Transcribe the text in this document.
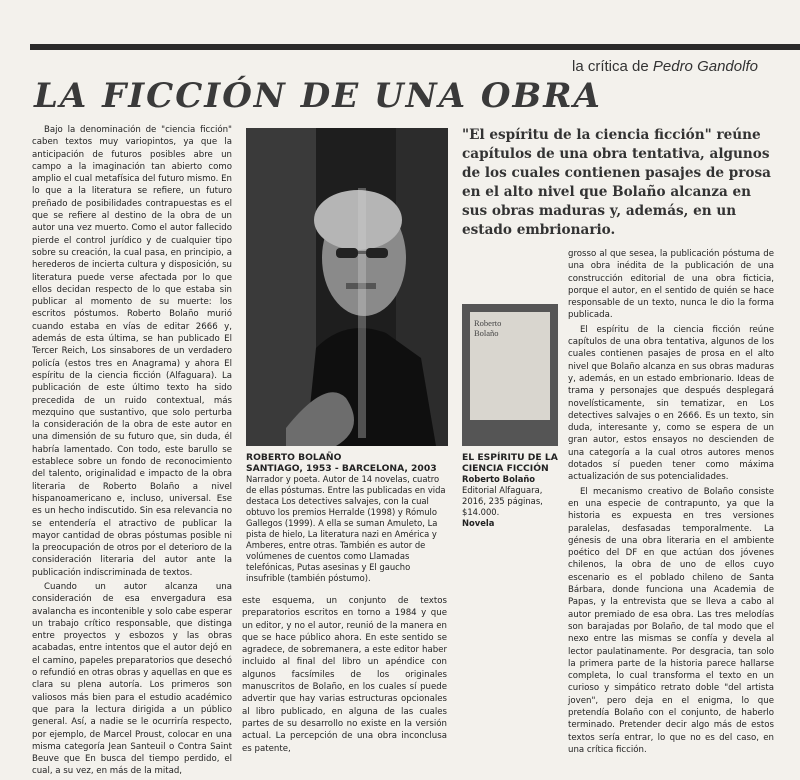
la crítica de Pedro Gandolfo
LA FICCIÓN DE UNA OBRA

Bajo la denominación de "ciencia ficción" caben textos muy variopintos, ya que la anticipación de futuros posibles abre un campo a la imaginación tan abierto como amplio el cual metafísica del futuro mismo. En lo que a la literatura se refiere, un futuro preñado de posibilidades contrapuestas es el que se refiere al destino de la obra de un autor una vez muerto. Como el autor fallecido pierde el control jurídico y de cualquier tipo sobre su creación, la cual pasa, en principio, a herederos de incierta cultura y disposición, su literatura puede verse afectada por lo que ellos decidan respecto de lo que estaba sin publicar al momento de su muerte: los escritos póstumos. Roberto Bolaño murió cuando estaba en vías de editar 2666 y, además de esta última, se han publicado El Tercer Reich, Los sinsabores de un verdadero policía (estos tres en Anagrama) y ahora El espíritu de la ciencia ficción (Alfaguara). La publicación de este último texto ha sido precedida de un ruido contextual, más mezquino que sustantivo, que solo perturba la consideración de la obra de este autor en una dimensión de su futuro que, sin duda, él habría lamentado. Con todo, este barullo se establece sobre un fondo de reconocimiento del talento, originalidad e impacto de la obra literaria de Roberto Bolaño a nivel hispanoamericano e, incluso, universal. Ese es un hecho indiscutido. Sin esa relevancia no se entendería el atractivo de publicar la mayor cantidad de obras póstumas posible ni la preocupación de otros por el deterioro de la consideración literaria del autor ante la publicación indiscriminada de textos.

Cuando un autor alcanza una consideración de esa envergadura esa avalancha es incontenible y solo cabe esperar un trabajo crítico responsable, que distinga entre proyectos y esbozos y las obras acabadas, entre intentos que el autor dejó en el camino, papeles preparatorios que desechó o refundió en otras obras y aquellas en que es clara su plena autoría. Los primeros son valiosos más bien para el estudio académico que para la lectura dirigida a un público general. Así, a nadie se le ocurriría respecto, por ejemplo, de Marcel Proust, colocar en una misma categoría Jean Santeuil o Contra Saint Beuve que En busca del tiempo perdido, el cual, a su vez, en más de la mitad,

ROBERTO BOLAÑO
SANTIAGO, 1953 - BARCELONA, 2003
Narrador y poeta. Autor de 14 novelas, cuatro de ellas póstumas. Entre las publicadas en vida destaca Los detectives salvajes, con la cual obtuvo los premios Herralde (1998) y Rómulo Gallegos (1999). A ella se suman Amuleto, La pista de hielo, La literatura nazi en América y Amberes, entre otras. También es autor de volúmenes de cuentos como Llamadas telefónicas, Putas asesinas y El gaucho insufrible (también póstumo).

este esquema, un conjunto de textos preparatorios escritos en torno a 1984 y que un editor, y no el autor, reunió de la manera en que se hace público ahora. En este sentido se agradece, de sobremanera, a este editor haber incluido al final del libro un apéndice con algunos facsímiles de los originales manuscritos de Bolaño, en los cuales sí puede advertir que hay varias estructuras opcionales al libro publicado, en alguna de las cuales partes de su desarrollo no existe en la versión actual. La percepción de una obra inconclusa es patente,

"El espíritu de la ciencia ficción" reúne capítulos de una obra tentativa, algunos de los cuales contienen pasajes de prosa en el alto nivel que Bolaño alcanza en sus obras maduras y, además, en un estado embrionario.
Roberto
Bolaño
EL ESPÍRITU DE LA CIENCIA FICCIÓN
Roberto Bolaño
Editorial Alfaguara,
2016, 235 páginas,
$14.000.
Novela

grosso al que sesea, la publicación póstuma de una obra inédita de la publicación de una construcción editorial de una obra ficticia, porque el autor, en el sentido de quién se hace responsable de un texto, nunca le dio la forma publicada.

El espíritu de la ciencia ficción reúne capítulos de una obra tentativa, algunos de los cuales contienen pasajes de prosa en el alto nivel que Bolaño alcanza en sus obras maduras y, además, en un estado embrionario. Ideas de trama y personajes que después desplegará novelísticamente, sin tematizar, en Los detectives salvajes o en 2666. Es un texto, sin duda, interesante y, como se espera de un gran autor, estos ensayos no descienden de una categoría a la cual otros autores menos dotados sí pueden tener como máxima actualización de sus potencialidades.

El mecanismo creativo de Bolaño consiste en una especie de contrapunto, ya que la historia es expuesta en tres versiones paralelas, desfasadas temporalmente. La génesis de una obra literaria en el ambiente poético del DF en que actúan dos jóvenes chilenos, la obra de uno de ellos cuyo escenario es el poblado chileno de Santa Bárbara, donde funciona una Academia de Papas, y la entrevista que se lleva a cabo al autor premiado de esa obra. Las tres melodías son barajadas por Bolaño, de tal modo que el nexo entre las mismas se confía y devela al lector paulatinamente. Por desgracia, tan solo la primera parte de la historia parece hallarse completa, lo cual transforma el texto en un curioso y simpático retrato doble "del artista joven", pero deja en el enigma, lo que pretendía Bolaño con el conjunto, de haberlo terminado. Pretender decir algo más de estos textos sería entrar, lo que no es del caso, en una crítica ficción.
